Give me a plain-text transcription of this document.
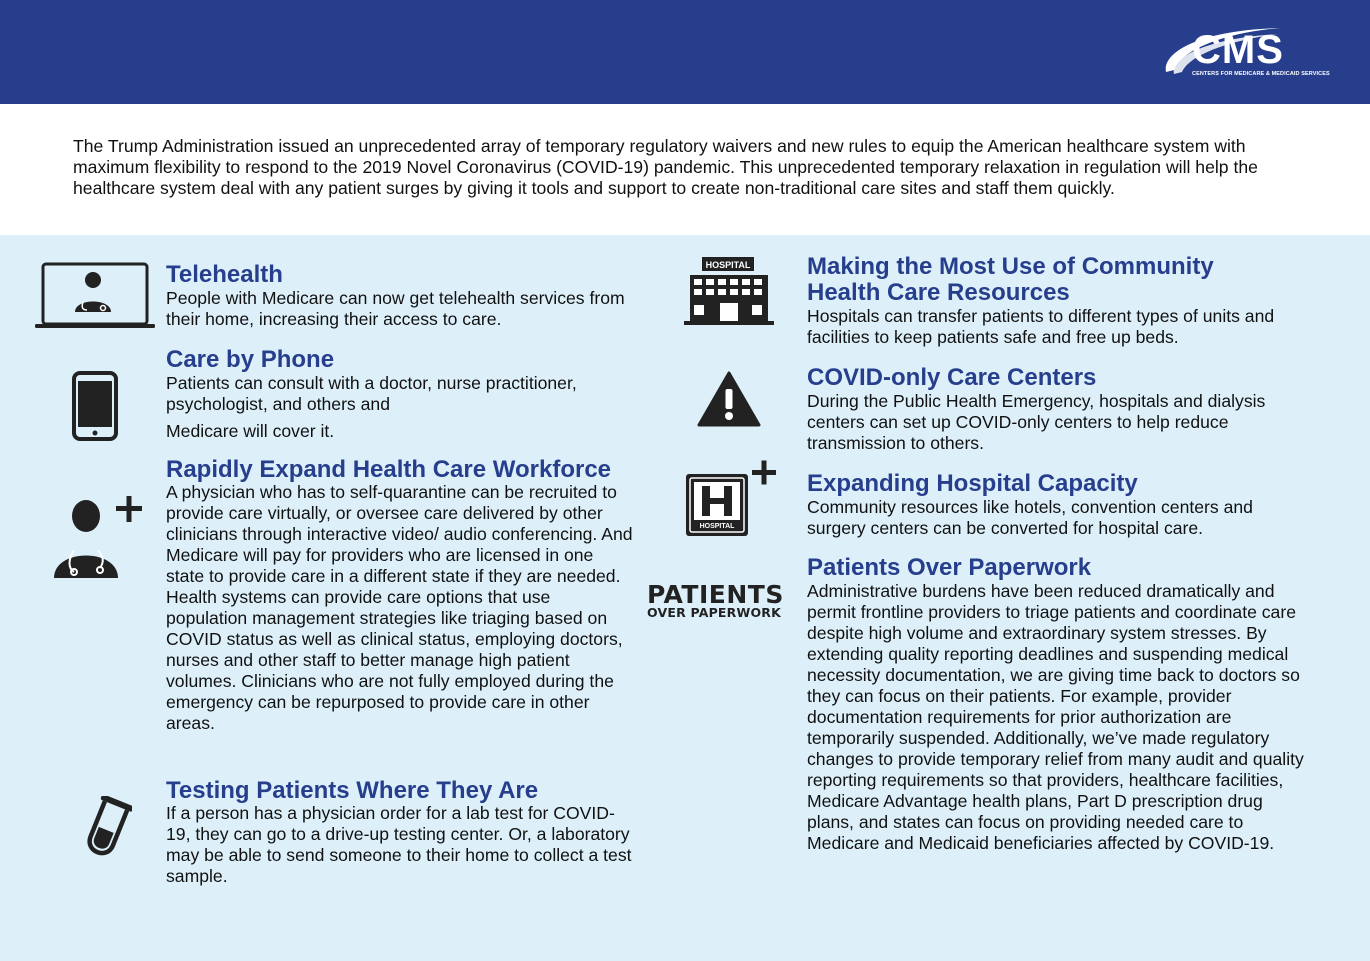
CMS
CENTERS FOR MEDICARE & MEDICAID SERVICES

The Trump Administration issued an unprecedented array of temporary regulatory waivers and new rules to equip the American healthcare system with maximum flexibility to respond to the 2019 Novel Coronavirus (COVID-19) pandemic. This unprecedented temporary relaxation in regulation will help the healthcare system deal with any patient surges by giving it tools and support to create non-traditional care sites and staff them quickly.

Telehealth
People with Medicare can now get telehealth services from their home, increasing their access to care.
Care by Phone
Patients can consult with a doctor, nurse practitioner, psychologist, and others and
Medicare will cover it.
Rapidly Expand Health Care Workforce
A physician who has to self-quarantine can be recruited to provide care virtually, or oversee care delivered by other clinicians through interactive video/ audio conferencing. And Medicare will pay for providers who are licensed in one state to provide care in a different state if they are needed. Health systems can provide care options that use population management strategies like triaging based on COVID status as well as clinical status, employing doctors, nurses and other staff to better manage high patient volumes. Clinicians who are not fully employed during the emergency can be repurposed to provide care in other areas.
Testing Patients Where They Are
If a person has a physician order for a lab test for COVID-19, they can go to a drive-up testing center. Or, a laboratory may be able to send someone to their home to collect a test sample.
HOSPITAL Making the Most Use of Community
Health Care Resources
Hospitals can transfer patients to different types of units and facilities to keep patients safe and free up beds.
COVID-only Care Centers
During the Public Health Emergency, hospitals and dialysis centers can set up COVID-only centers to help reduce transmission to others.
HOSPITAL
Expanding Hospital Capacity
Community resources like hotels, convention centers and surgery centers can be converted for hospital care.
PATIENTS
OVER PAPERWORK
Patients Over Paperwork
Administrative burdens have been reduced dramatically and permit frontline providers to triage patients and coordinate care despite high volume and extraordinary system stresses. By extending quality reporting deadlines and suspending medical necessity documentation, we are giving time back to doctors so they can focus on their patients. For example, provider documentation requirements for prior authorization are temporarily suspended. Additionally, we’ve made regulatory changes to provide temporary relief from many audit and quality reporting requirements so that providers, healthcare facilities, Medicare Advantage health plans, Part D prescription drug plans, and states can focus on providing needed care to Medicare and Medicaid beneficiaries affected by COVID-19.
